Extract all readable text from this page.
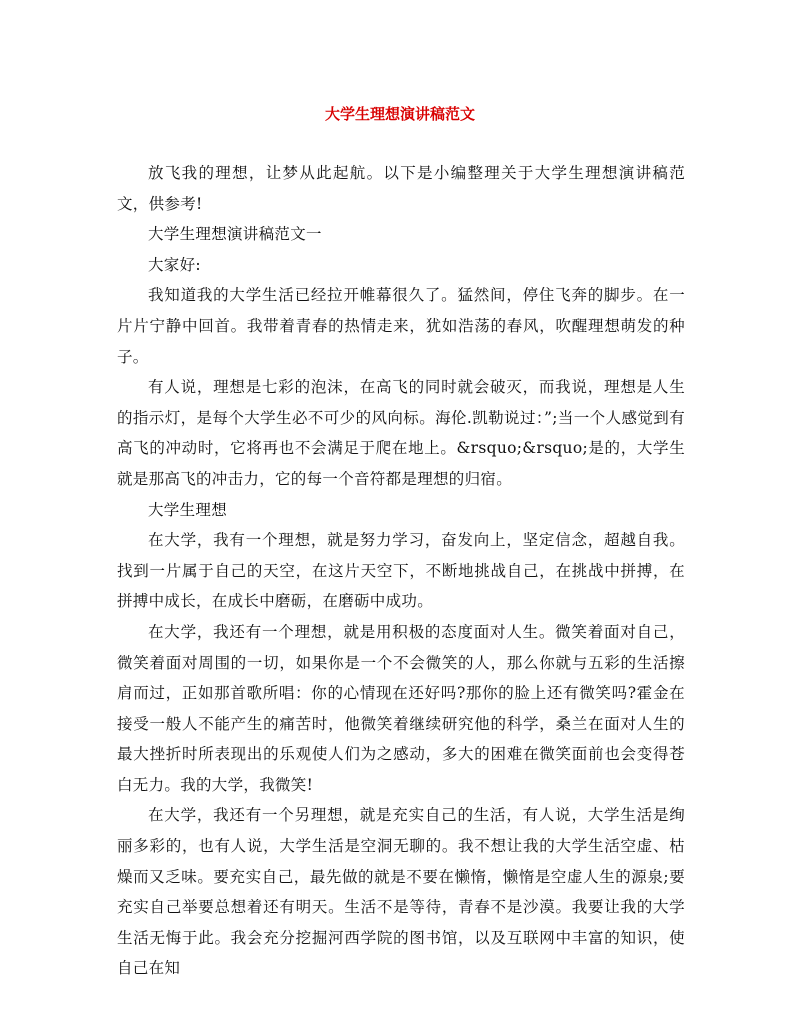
大学生理想演讲稿范文

放飞我的理想，让梦从此起航。以下是小编整理关于大学生理想演讲稿范文，供参考!

大学生理想演讲稿范文一

大家好:

我知道我的大学生活已经拉开帷幕很久了。猛然间，停住飞奔的脚步。在一片片宁静中回首。我带着青春的热情走来，犹如浩荡的春风，吹醒理想萌发的种子。

有人说，理想是七彩的泡沫，在高飞的同时就会破灭，而我说，理想是人生的指示灯，是每个大学生必不可少的风向标。海伦.凯勒说过：”;当一个人感觉到有高飞的冲动时，它将再也不会满足于爬在地上。&rsquo;&rsquo;是的，大学生就是那高飞的冲击力，它的每一个音符都是理想的归宿。

大学生理想

在大学，我有一个理想，就是努力学习，奋发向上，坚定信念，超越自我。找到一片属于自己的天空，在这片天空下，不断地挑战自己，在挑战中拼搏，在拼搏中成长，在成长中磨砺，在磨砺中成功。

在大学，我还有一个理想，就是用积极的态度面对人生。微笑着面对自己，微笑着面对周围的一切，如果你是一个不会微笑的人，那么你就与五彩的生活擦肩而过，正如那首歌所唱：你的心情现在还好吗?那你的脸上还有微笑吗?霍金在接受一般人不能产生的痛苦时，他微笑着继续研究他的科学，桑兰在面对人生的最大挫折时所表现出的乐观使人们为之感动，多大的困难在微笑面前也会变得苍白无力。我的大学，我微笑!

在大学，我还有一个另理想，就是充实自己的生活，有人说，大学生活是绚丽多彩的，也有人说，大学生活是空洞无聊的。我不想让我的大学生活空虚、枯燥而又乏味。要充实自己，最先做的就是不要在懒惰，懒惰是空虚人生的源泉;要充实自己举要总想着还有明天。生活不是等待，青春不是沙漠。我要让我的大学生活无悔于此。我会充分挖掘河西学院的图书馆，以及互联网中丰富的知识，使自己在知
